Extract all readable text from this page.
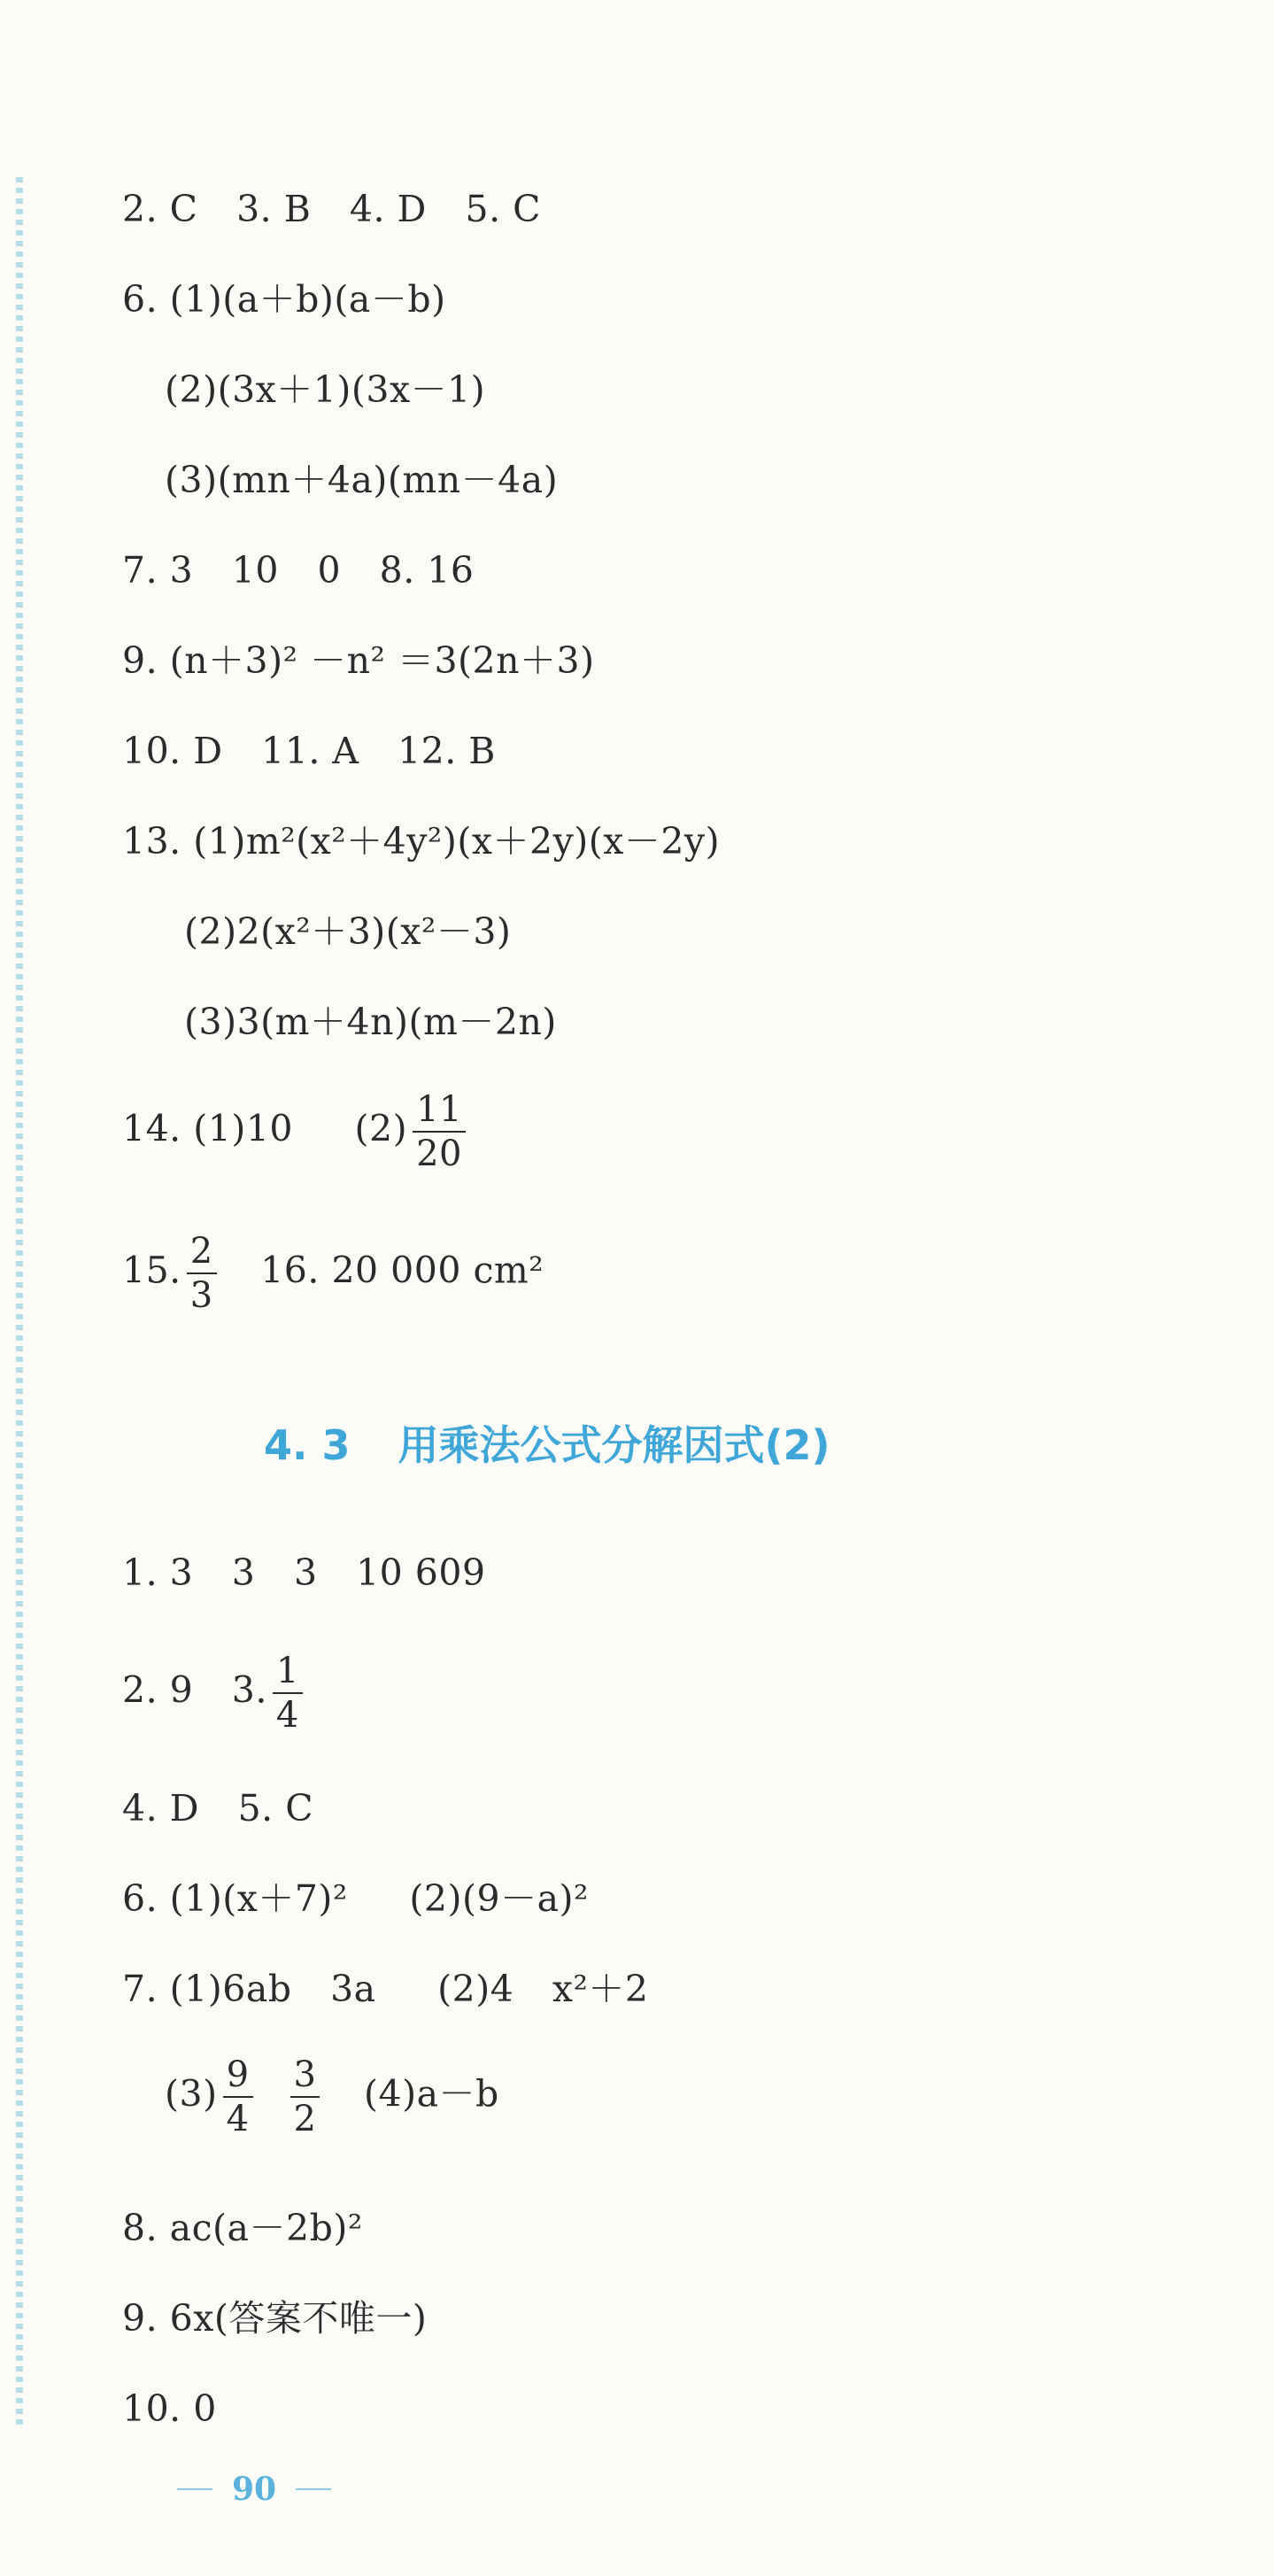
2. C 3. B 4. D 5. C
6. (1)(a＋b)(a－b)
(2)(3x＋1)(3x－1)
(3)(mn＋4a)(mn－4a)
7. 3 10 0 8. 16
9. (n＋3)² －n² ＝3(2n＋3)
10. D 11. A 12. B
13. (1)m²(x²＋4y²)(x＋2y)(x－2y)
(2)2(x²＋3)(x²－3)
(3)3(m＋4n)(m－2n)
14. (1)10 $(2) \frac{11}{20}$
15. $\frac{2}{3} 16$. 20 000 cm²
4. 3 用乘法公式分解因式(2)
1. 3 3 3 10 609
2. 9 3. $\frac{1}{4}$
4. D 5. C
6. (1)(x＋7)² (2)(9－a)²
7. (1)6ab 3a (2)4 x²＋2
$(3) \frac{9}{4} \frac{3}{2} (4)a-b$
8. ac(a－2b)²
9. 6x(答案不唯一)
10. 0
90
